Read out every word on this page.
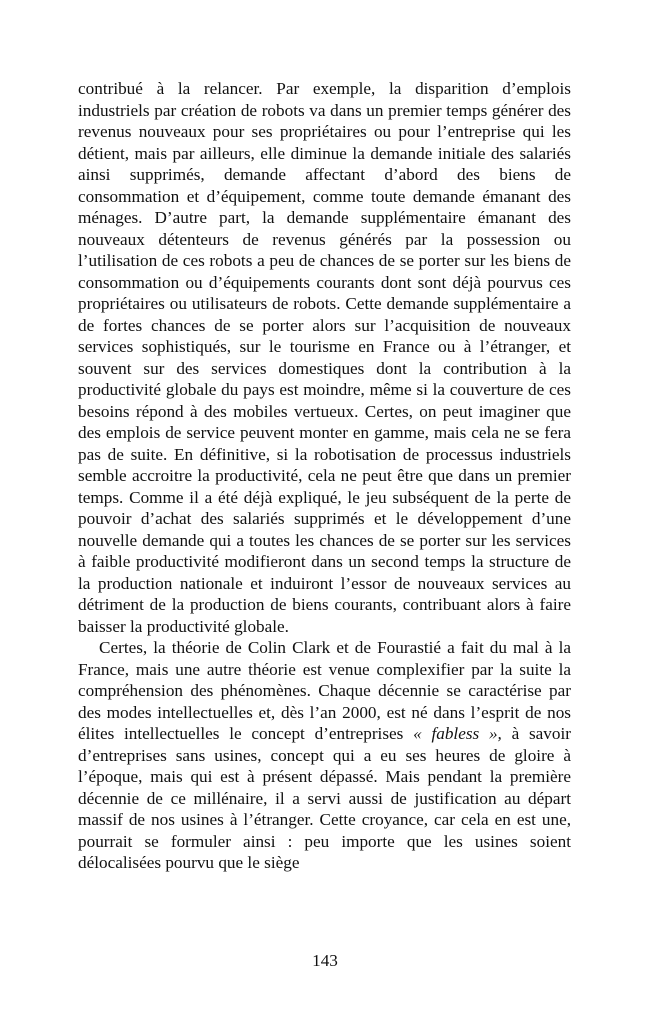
contribué à la relancer. Par exemple, la disparition d’emplois industriels par création de robots va dans un premier temps générer des revenus nouveaux pour ses propriétaires ou pour l’entreprise qui les détient, mais par ailleurs, elle diminue la demande initiale des salariés ainsi supprimés, demande affectant d’abord des biens de consommation et d’équipement, comme toute demande émanant des ménages. D’autre part, la demande supplémentaire émanant des nouveaux détenteurs de revenus générés par la possession ou l’utilisation de ces robots a peu de chances de se porter sur les biens de consommation ou d’équipements courants dont sont déjà pourvus ces propriétaires ou utilisateurs de robots. Cette demande supplémentaire a de fortes chances de se porter alors sur l’acquisition de nouveaux services sophistiqués, sur le tourisme en France ou à l’étranger, et souvent sur des services domestiques dont la contribution à la productivité globale du pays est moindre, même si la couverture de ces besoins répond à des mobiles vertueux. Certes, on peut imaginer que des emplois de service peuvent monter en gamme, mais cela ne se fera pas de suite. En définitive, si la robotisation de processus industriels semble accroitre la productivité, cela ne peut être que dans un premier temps. Comme il a été déjà expliqué, le jeu subséquent de la perte de pouvoir d’achat des salariés supprimés et le développement d’une nouvelle demande qui a toutes les chances de se porter sur les services à faible productivité modifieront dans un second temps la structure de la production nationale et induiront l’essor de nouveaux services au détriment de la production de biens courants, contribuant alors à faire baisser la productivité globale.

Certes, la théorie de Colin Clark et de Fourastié a fait du mal à la France, mais une autre théorie est venue complexifier par la suite la compréhension des phénomènes. Chaque décennie se caractérise par des modes intellectuelles et, dès l’an 2000, est né dans l’esprit de nos élites intellectuelles le concept d’entreprises « fabless », à savoir d’entreprises sans usines, concept qui a eu ses heures de gloire à l’époque, mais qui est à présent dépassé. Mais pendant la première décennie de ce millénaire, il a servi aussi de justification au départ massif de nos usines à l’étranger. Cette croyance, car cela en est une, pourrait se formuler ainsi : peu importe que les usines soient délocalisées pourvu que le siège

143
